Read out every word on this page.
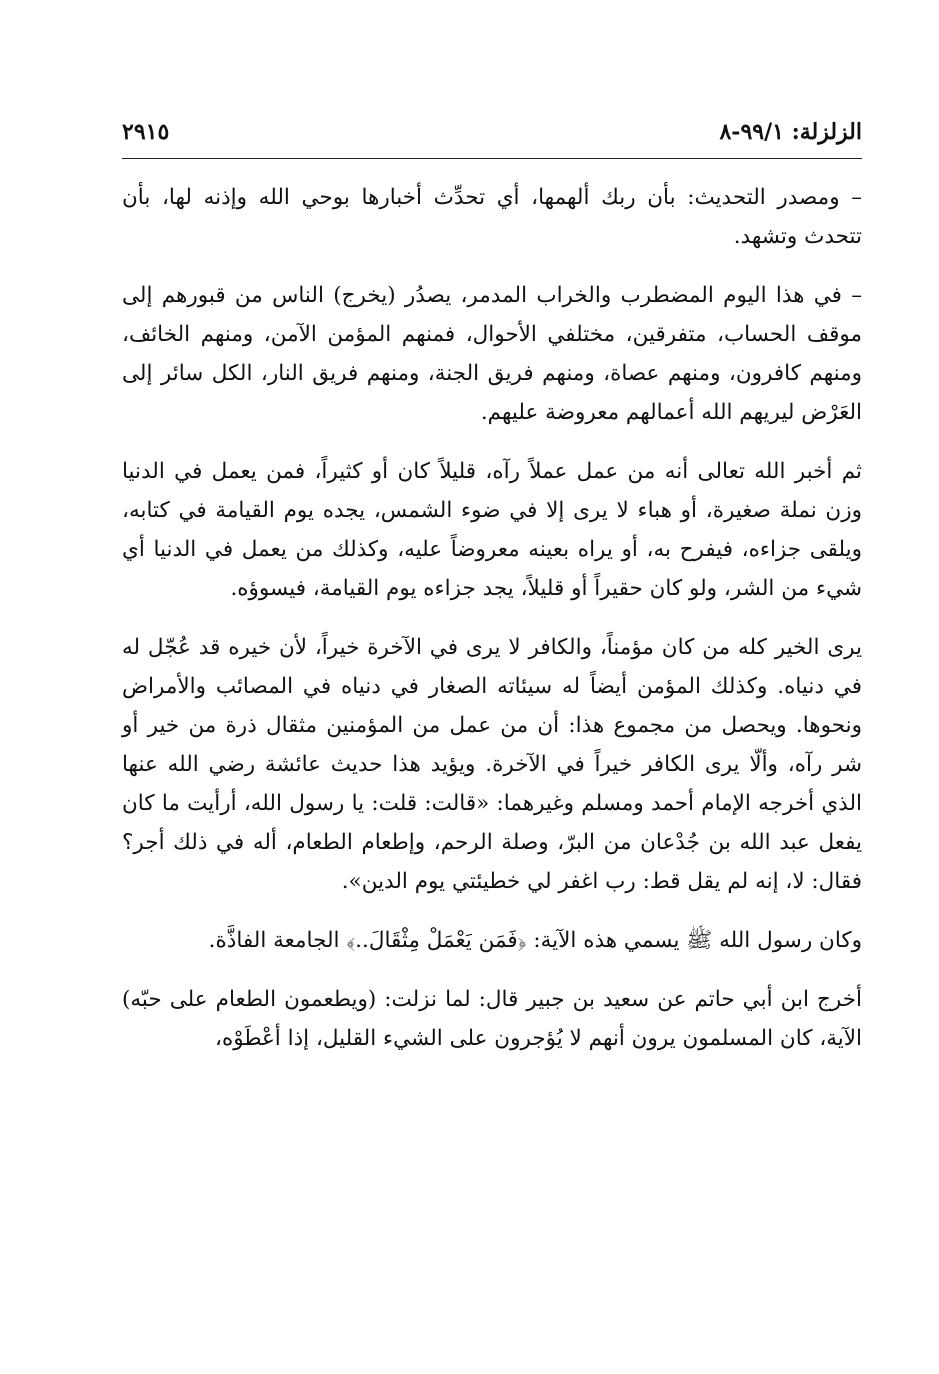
الزلزلة: ٩٩/١-٨
٢٩١٥

– ومصدر التحديث: بأن ربك ألهمها، أي تحدِّث أخبارها بوحي الله وإذنه لها، بأن تتحدث وتشهد.

– في هذا اليوم المضطرب والخراب المدمر، يصدُر (يخرج) الناس من قبورهم إلى موقف الحساب، متفرقين، مختلفي الأحوال، فمنهم المؤمن الآمن، ومنهم الخائف، ومنهم كافرون، ومنهم عصاة، ومنهم فريق الجنة، ومنهم فريق النار، الكل سائر إلى العَرْض ليريهم الله أعمالهم معروضة عليهم.

ثم أخبر الله تعالى أنه من عمل عملاً رآه، قليلاً كان أو كثيراً، فمن يعمل في الدنيا وزن نملة صغيرة، أو هباء لا يرى إلا في ضوء الشمس، يجده يوم القيامة في كتابه، ويلقى جزاءه، فيفرح به، أو يراه بعينه معروضاً عليه، وكذلك من يعمل في الدنيا أي شيء من الشر، ولو كان حقيراً أو قليلاً، يجد جزاءه يوم القيامة، فيسوؤه.

يرى الخير كله من كان مؤمناً، والكافر لا يرى في الآخرة خيراً، لأن خيره قد عُجّل له في دنياه. وكذلك المؤمن أيضاً له سيئاته الصغار في دنياه في المصائب والأمراض ونحوها. ويحصل من مجموع هذا: أن من عمل من المؤمنين مثقال ذرة من خير أو شر رآه، وألّا يرى الكافر خيراً في الآخرة. ويؤيد هذا حديث عائشة رضي الله عنها الذي أخرجه الإمام أحمد ومسلم وغيرهما: «قالت: قلت: يا رسول الله، أرأيت ما كان يفعل عبد الله بن جُدْعان من البرّ، وصلة الرحم، وإطعام الطعام، أله في ذلك أجر؟ فقال: لا، إنه لم يقل قط: رب اغفر لي خطيئتي يوم الدين».

وكان رسول الله ﷺ يسمي هذه الآية: ﴿فَمَن يَعْمَلْ مِثْقَالَ..﴾ الجامعة الفاذَّة.

أخرج ابن أبي حاتم عن سعيد بن جبير قال: لما نزلت: (ويطعمون الطعام على حبّه) الآية، كان المسلمون يرون أنهم لا يُؤجرون على الشيء القليل، إذا أعْطَوْه،
